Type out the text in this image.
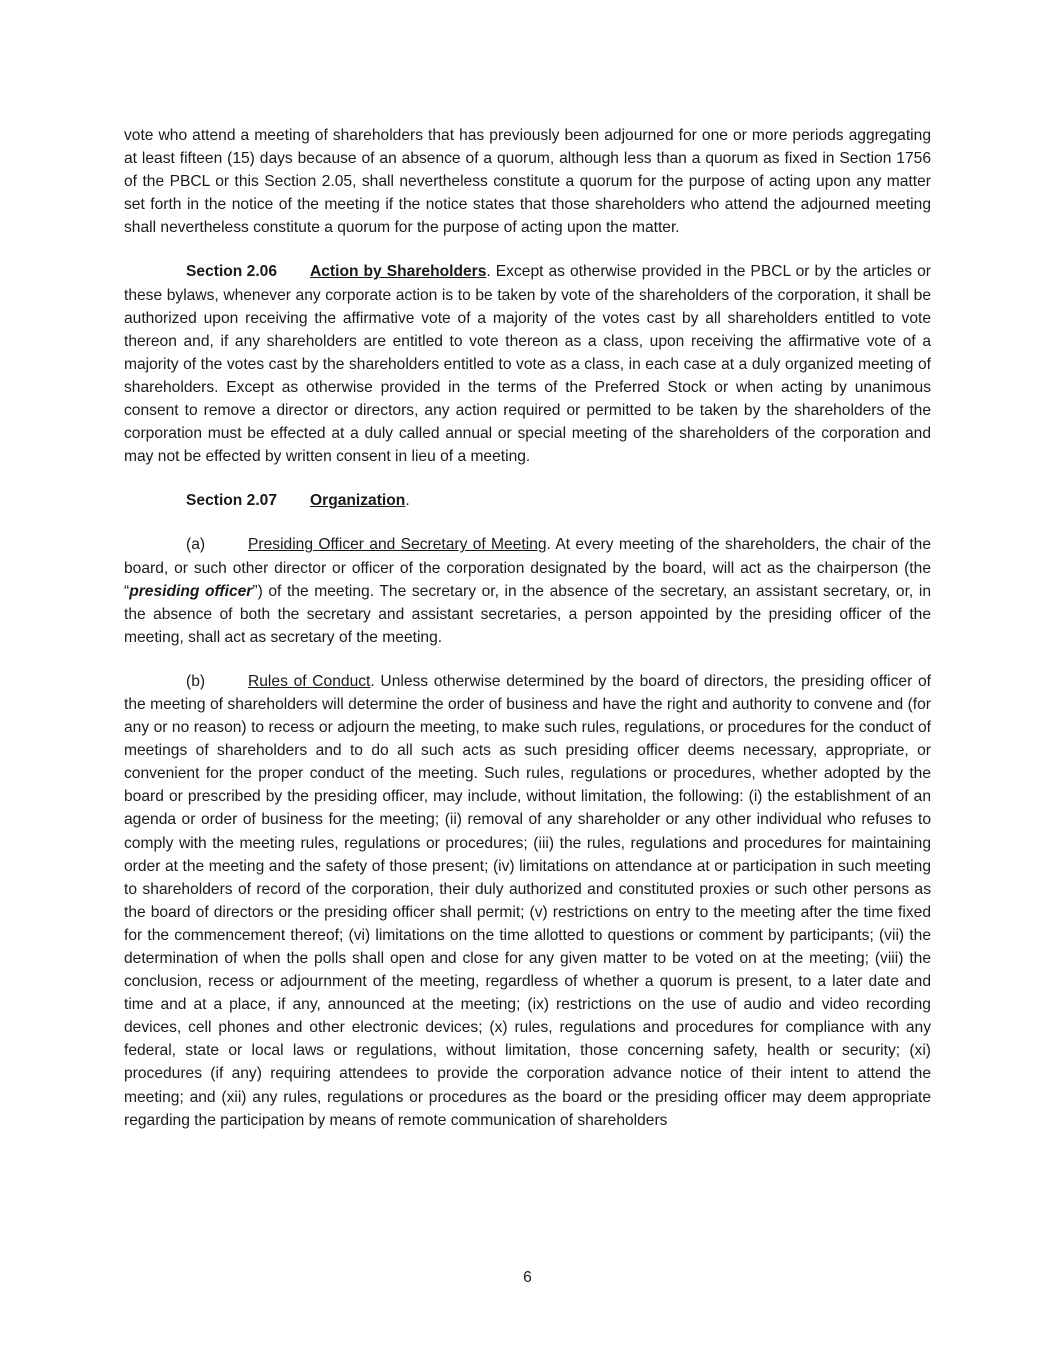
vote who attend a meeting of shareholders that has previously been adjourned for one or more periods aggregating at least fifteen (15) days because of an absence of a quorum, although less than a quorum as fixed in Section 1756 of the PBCL or this Section 2.05, shall nevertheless constitute a quorum for the purpose of acting upon any matter set forth in the notice of the meeting if the notice states that those shareholders who attend the adjourned meeting shall nevertheless constitute a quorum for the purpose of acting upon the matter.

Section 2.06 Action by Shareholders. Except as otherwise provided in the PBCL or by the articles or these bylaws, whenever any corporate action is to be taken by vote of the shareholders of the corporation, it shall be authorized upon receiving the affirmative vote of a majority of the votes cast by all shareholders entitled to vote thereon and, if any shareholders are entitled to vote thereon as a class, upon receiving the affirmative vote of a majority of the votes cast by the shareholders entitled to vote as a class, in each case at a duly organized meeting of shareholders. Except as otherwise provided in the terms of the Preferred Stock or when acting by unanimous consent to remove a director or directors, any action required or permitted to be taken by the shareholders of the corporation must be effected at a duly called annual or special meeting of the shareholders of the corporation and may not be effected by written consent in lieu of a meeting.

Section 2.07 Organization.

(a)	Presiding Officer and Secretary of Meeting. At every meeting of the shareholders, the chair of the board, or such other director or officer of the corporation designated by the board, will act as the chairperson (the “presiding officer”) of the meeting. The secretary or, in the absence of the secretary, an assistant secretary, or, in the absence of both the secretary and assistant secretaries, a person appointed by the presiding officer of the meeting, shall act as secretary of the meeting.

(b)	Rules of Conduct. Unless otherwise determined by the board of directors, the presiding officer of the meeting of shareholders will determine the order of business and have the right and authority to convene and (for any or no reason) to recess or adjourn the meeting, to make such rules, regulations, or procedures for the conduct of meetings of shareholders and to do all such acts as such presiding officer deems necessary, appropriate, or convenient for the proper conduct of the meeting. Such rules, regulations or procedures, whether adopted by the board or prescribed by the presiding officer, may include, without limitation, the following: (i) the establishment of an agenda or order of business for the meeting; (ii) removal of any shareholder or any other individual who refuses to comply with the meeting rules, regulations or procedures; (iii) the rules, regulations and procedures for maintaining order at the meeting and the safety of those present; (iv) limitations on attendance at or participation in such meeting to shareholders of record of the corporation, their duly authorized and constituted proxies or such other persons as the board of directors or the presiding officer shall permit; (v) restrictions on entry to the meeting after the time fixed for the commencement thereof; (vi) limitations on the time allotted to questions or comment by participants; (vii) the determination of when the polls shall open and close for any given matter to be voted on at the meeting; (viii) the conclusion, recess or adjournment of the meeting, regardless of whether a quorum is present, to a later date and time and at a place, if any, announced at the meeting; (ix) restrictions on the use of audio and video recording devices, cell phones and other electronic devices; (x) rules, regulations and procedures for compliance with any federal, state or local laws or regulations, without limitation, those concerning safety, health or security; (xi) procedures (if any) requiring attendees to provide the corporation advance notice of their intent to attend the meeting; and (xii) any rules, regulations or procedures as the board or the presiding officer may deem appropriate regarding the participation by means of remote communication of shareholders

6
